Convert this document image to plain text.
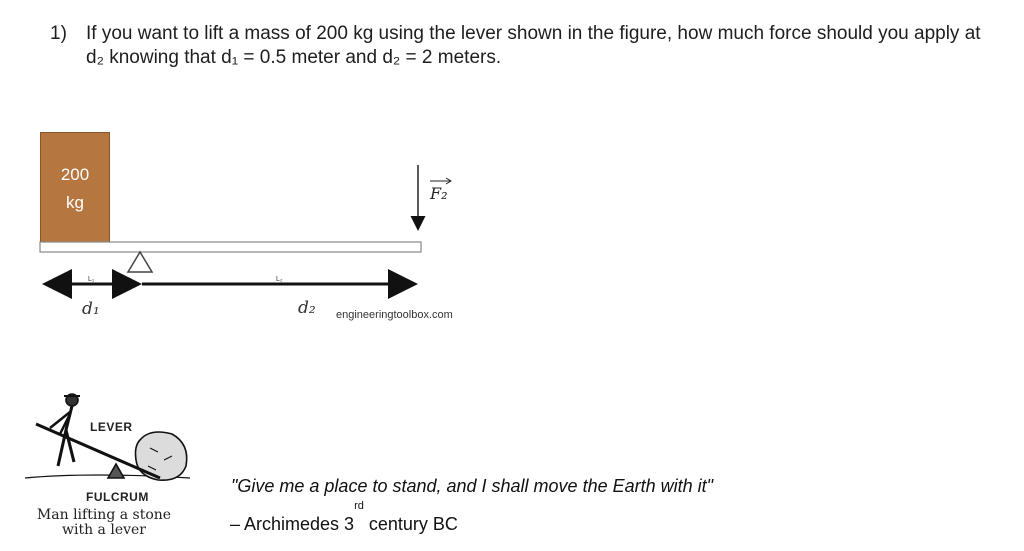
1) If you want to lift a mass of 200 kg using the lever shown in the figure, how much force should you apply at d₂ knowing that d₁ = 0.5 meter and d₂ = 2 meters.
200
kg	F₂
L₁	L₂
d₁	d₂ engineeringtoolbox.com
LEVER
FULCRUM
Man lifting a stone
with a lever
"Give me a place to stand, and I shall move the Earth with it"
– Archimedes 3rd century BC
